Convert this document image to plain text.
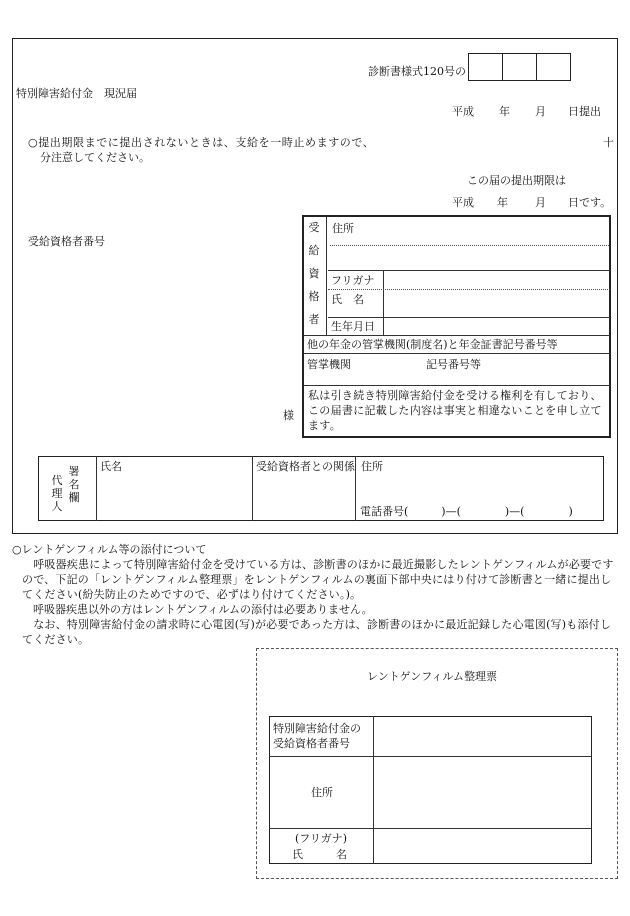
診断書様式120号の
特別障害給付金　現況届
平成 年 月 日提出
○提出期限までに提出されないときは、支給を一時止めますので、	十
分注意してください。
この届の提出期限は
平成 年 月 日です。
受給資格者番号
受
給
資
格
者
住所
フリガナ
氏　名
生年月日
他の年金の管掌機関(制度名)と年金証書記号番号等
管掌機関	記号番号等
私は引き続き特別障害給付金を受ける権利を有しており、この届書に記載した内容は事実と相違ないことを申し立てます。
様
代
理
人
署
名
欄
氏名	受給資格者との関係 住所
電話番号(　　　)—(　　　　)—(　　　　)
○レントゲンフィルム等の添付について
　呼吸器疾患によって特別障害給付金を受けている方は、診断書のほかに最近撮影したレントゲンフィルムが必要ですので、下記の「レントゲンフィルム整理票」をレントゲンフィルムの裏面下部中央にはり付けて診断書と一緒に提出してください(紛失防止のためですので、必ずはり付けてください。)。
　呼吸器疾患以外の方はレントゲンフィルムの添付は必要ありません。
　なお、特別障害給付金の請求時に心電図(写)が必要であった方は、診断書のほかに最近記録した心電図(写)も添付してください。
レントゲンフィルム整理票
特別障害給付金の
受給資格者番号
住所
(フリガナ)
氏　　　名
